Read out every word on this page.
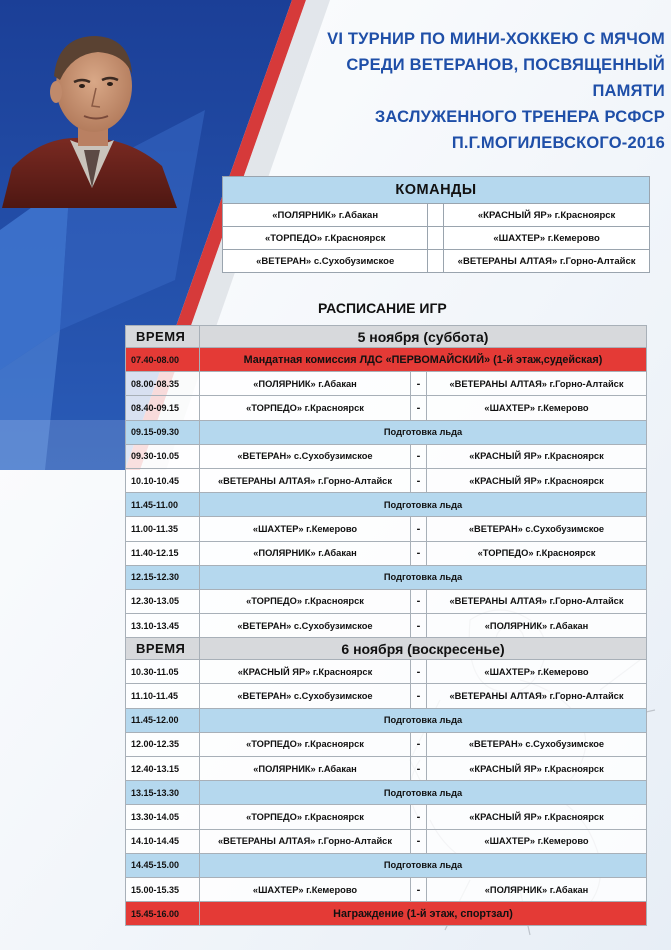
VI ТУРНИР ПО МИНИ-ХОККЕЮ С МЯЧОМ
СРЕДИ ВЕТЕРАНОВ, ПОСВЯЩЕННЫЙ ПАМЯТИ
ЗАСЛУЖЕННОГО ТРЕНЕРА РСФСР
П.Г.МОГИЛЕВСКОГО-2016
КОМАНДЫ		
«ПОЛЯРНИК» г.Абакан		«КРАСНЫЙ ЯР» г.Красноярск
«ТОРПЕДО» г.Красноярск		«ШАХТЕР» г.Кемерово
«ВЕТЕРАН» с.Сухобузимское		«ВЕТЕРАНЫ АЛТАЯ» г.Горно-Алтайск
РАСПИСАНИЕ ИГР
ВРЕМЯ	5 ноября (суббота)		
07.40-08.00	Мандатная комиссия ЛДС «ПЕРВОМАЙСКИЙ» (1-й этаж,судейская)		
08.00-08.35	«ПОЛЯРНИК» г.Абакан	-	«ВЕТЕРАНЫ АЛТАЯ» г.Горно-Алтайск
08.40-09.15	«ТОРПЕДО» г.Красноярск	-	«ШАХТЕР» г.Кемерово
09.15-09.30	Подготовка льда		
09.30-10.05	«ВЕТЕРАН» с.Сухобузимское	-	«КРАСНЫЙ ЯР» г.Красноярск
10.10-10.45	«ВЕТЕРАНЫ АЛТАЯ» г.Горно-Алтайск	-	«КРАСНЫЙ ЯР» г.Красноярск
11.45-11.00	Подготовка льда		
11.00-11.35	«ШАХТЕР» г.Кемерово	-	«ВЕТЕРАН» с.Сухобузимское
11.40-12.15	«ПОЛЯРНИК» г.Абакан	-	«ТОРПЕДО» г.Красноярск
12.15-12.30	Подготовка льда		
12.30-13.05	«ТОРПЕДО» г.Красноярск	-	«ВЕТЕРАНЫ АЛТАЯ» г.Горно-Алтайск
13.10-13.45	«ВЕТЕРАН» с.Сухобузимское	-	«ПОЛЯРНИК» г.Абакан
ВРЕМЯ	6 ноября (воскресенье)		
10.30-11.05	«КРАСНЫЙ ЯР» г.Красноярск	-	«ШАХТЕР» г.Кемерово
11.10-11.45	«ВЕТЕРАН» с.Сухобузимское	-	«ВЕТЕРАНЫ АЛТАЯ» г.Горно-Алтайск
11.45-12.00	Подготовка льда		
12.00-12.35	«ТОРПЕДО» г.Красноярск	-	«ВЕТЕРАН» с.Сухобузимское
12.40-13.15	«ПОЛЯРНИК» г.Абакан	-	«КРАСНЫЙ ЯР» г.Красноярск
13.15-13.30	Подготовка льда		
13.30-14.05	«ТОРПЕДО» г.Красноярск	-	«КРАСНЫЙ ЯР» г.Красноярск
14.10-14.45	«ВЕТЕРАНЫ АЛТАЯ» г.Горно-Алтайск	-	«ШАХТЕР» г.Кемерово
14.45-15.00	Подготовка льда		
15.00-15.35	«ШАХТЕР» г.Кемерово	-	«ПОЛЯРНИК» г.Абакан
15.45-16.00	Награждение (1-й этаж, спортзал)		
